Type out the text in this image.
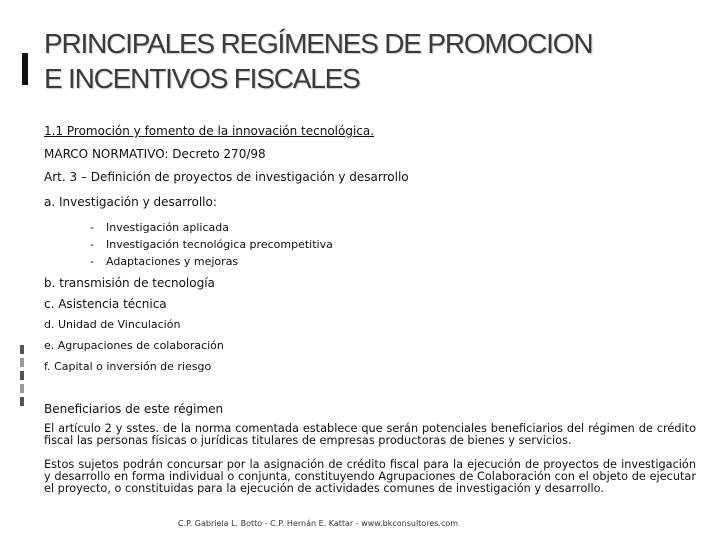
PRINCIPALES REGÍMENES DE PROMOCION
E INCENTIVOS FISCALES
1.1 Promoción y fomento de la innovación tecnológica.
MARCO NORMATIVO: Decreto 270/98
Art. 3 – Definición de proyectos de investigación y desarrollo
a. Investigación y desarrollo:
- Investigación aplicada
- Investigación tecnológica precompetitiva
- Adaptaciones y mejoras
b. transmisión de tecnología
c. Asistencia técnica
d. Unidad de Vinculación
e. Agrupaciones de colaboración
f. Capital o inversión de riesgo
Beneficiarios de este régimen
El artículo 2 y sstes. de la norma comentada establece que serán potenciales beneficiarios del régimen de crédito fiscal las personas físicas o jurídicas titulares de empresas productoras de bienes y servicios.
Estos sujetos podrán concursar por la asignación de crédito fiscal para la ejecución de proyectos de investigación y desarrollo en forma individual o conjunta, constituyendo Agrupaciones de Colaboración con el objeto de ejecutar el proyecto, o constituidas para la ejecución de actividades comunes de investigación y desarrollo.
C.P. Gabriela L. Botto - C.P. Hernán E. Kattar - www.bkconsultores.com
